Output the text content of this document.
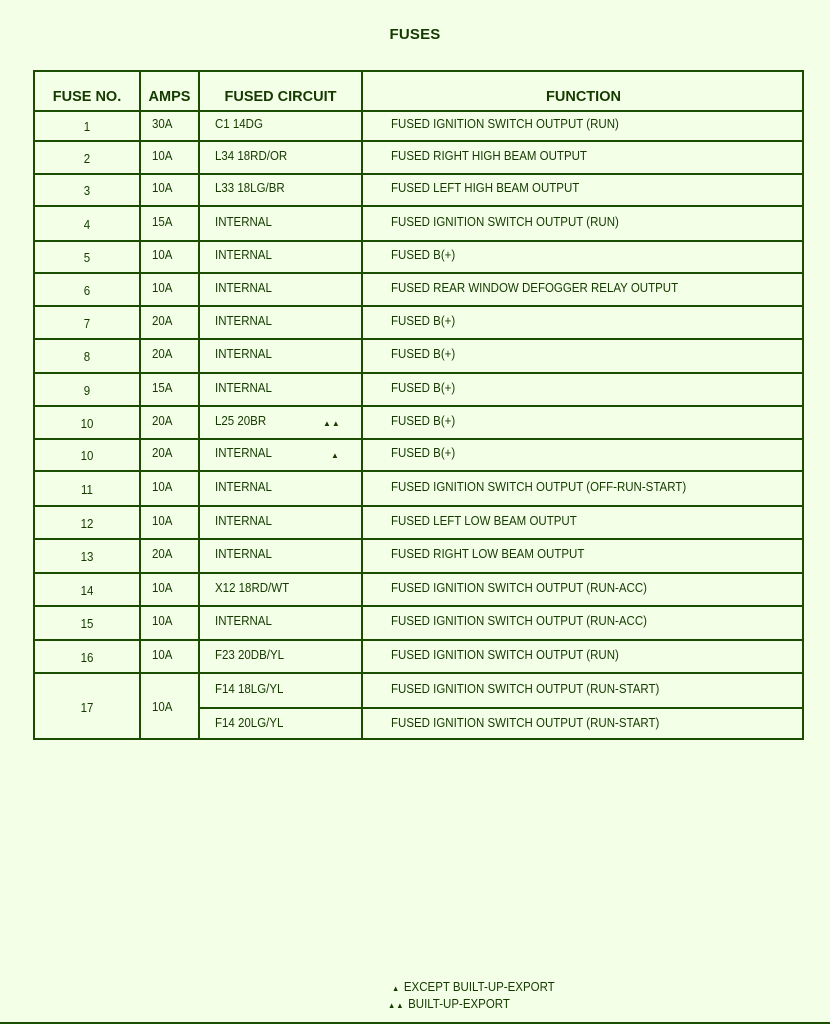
FUSES
FUSE NO.	AMPS	FUSED CIRCUIT	FUNCTION
1	30A	C1 14DG	FUSED IGNITION SWITCH OUTPUT (RUN)
2	10A	L34 18RD/OR	FUSED RIGHT HIGH BEAM OUTPUT
3	10A	L33 18LG/BR	FUSED LEFT HIGH BEAM OUTPUT
4	15A	INTERNAL	FUSED IGNITION SWITCH OUTPUT (RUN)
5	10A	INTERNAL	FUSED B(+)
6	10A	INTERNAL	FUSED REAR WINDOW DEFOGGER RELAY OUTPUT
7	20A	INTERNAL	FUSED B(+)
8	20A	INTERNAL	FUSED B(+)
9	15A	INTERNAL	FUSED B(+)
10	20A	L25 20BR	▲▲	FUSED B(+)
10	20A	INTERNAL	▲	FUSED B(+)
11	10A	INTERNAL	FUSED IGNITION SWITCH OUTPUT (OFF-RUN-START)
12	10A	INTERNAL	FUSED LEFT LOW BEAM OUTPUT
13	20A	INTERNAL	FUSED RIGHT LOW BEAM OUTPUT
14	10A	X12 18RD/WT	FUSED IGNITION SWITCH OUTPUT (RUN-ACC)
15	10A	INTERNAL	FUSED IGNITION SWITCH OUTPUT (RUN-ACC)
16	10A	F23 20DB/YL	FUSED IGNITION SWITCH OUTPUT (RUN)
17	10A
F14 18LG/YL	FUSED IGNITION SWITCH OUTPUT (RUN-START)
F14 20LG/YL	FUSED IGNITION SWITCH OUTPUT (RUN-START)
▲ EXCEPT BUILT-UP-EXPORT
▲▲ BUILT-UP-EXPORT
